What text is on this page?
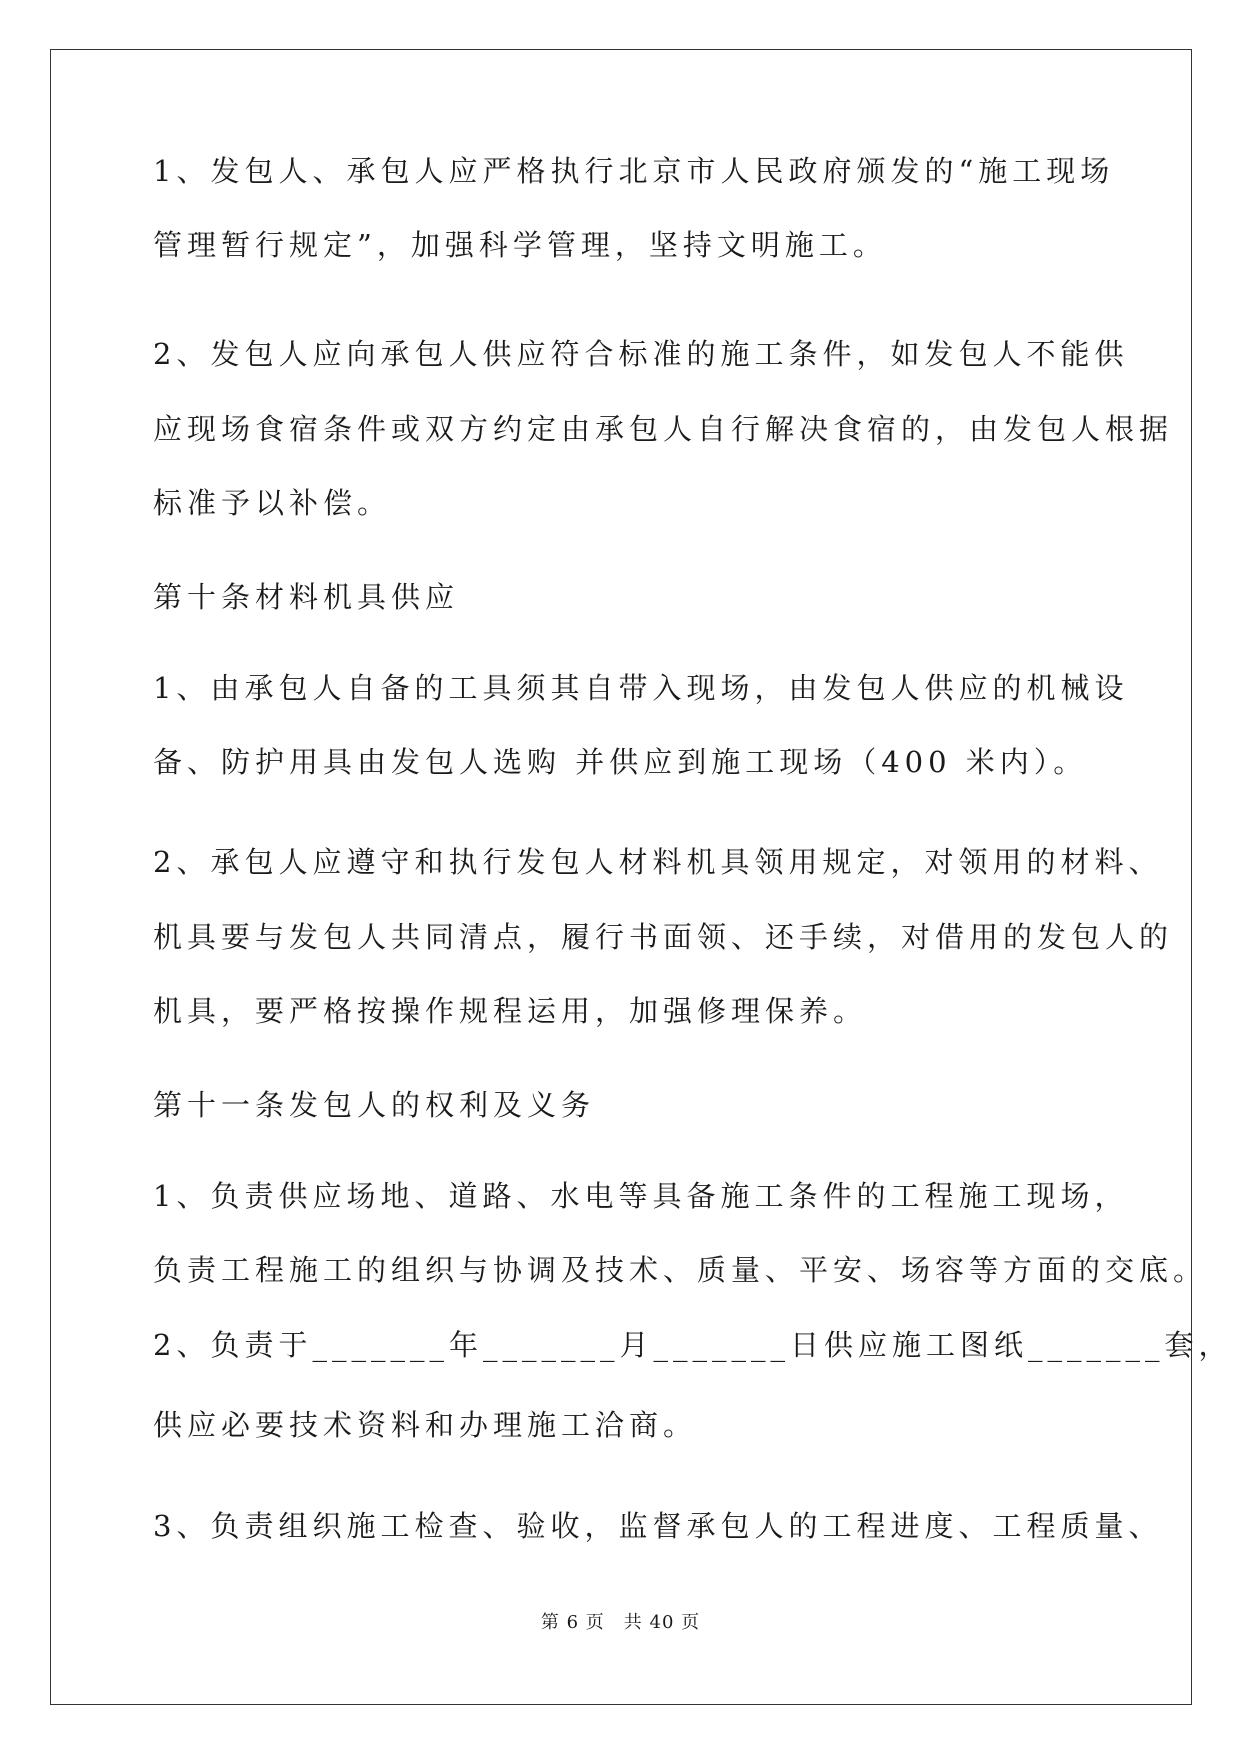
1、发包人、承包人应严格执行北京市人民政府颁发的“施工现场
管理暂行规定”，加强科学管理，坚持文明施工。
2、发包人应向承包人供应符合标准的施工条件，如发包人不能供
应现场食宿条件或双方约定由承包人自行解决食宿的，由发包人根据
标准予以补偿。
第十条材料机具供应
1、由承包人自备的工具须其自带入现场，由发包人供应的机械设
备、防护用具由发包人选购 并供应到施工现场（400 米内）。
2、承包人应遵守和执行发包人材料机具领用规定，对领用的材料、
机具要与发包人共同清点，履行书面领、还手续，对借用的发包人的
机具，要严格按操作规程运用，加强修理保养。
第十一条发包人的权利及义务
1、负责供应场地、道路、水电等具备施工条件的工程施工现场，
负责工程施工的组织与协调及技术、质量、平安、场容等方面的交底。
2、负责于_______年_______月_______日供应施工图纸_______套，
供应必要技术资料和办理施工洽商。
3、负责组织施工检查、验收，监督承包人的工程进度、工程质量、
第 6 页　共 40 页
